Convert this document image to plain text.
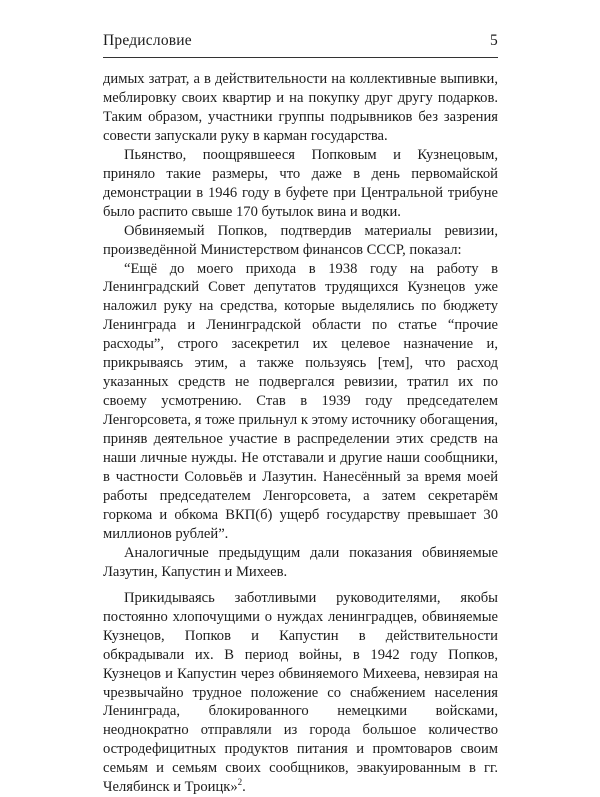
Предисловие	5

димых затрат, а в действительности на коллективные выпивки, меблировку своих квартир и на покупку друг другу подарков. Таким образом, участники группы подрывников без зазрения совести запускали руку в карман государства.

Пьянство, поощрявшееся Попковым и Кузнецовым, приняло такие размеры, что даже в день первомайской демонстрации в 1946 году в буфете при Центральной трибуне было распито свыше 170 бутылок вина и водки.

Обвиняемый Попков, подтвердив материалы ревизии, произведённой Министерством финансов СССР, показал:

“Ещё до моего прихода в 1938 году на работу в Ленинградский Совет депутатов трудящихся Кузнецов уже наложил руку на средства, которые выделялись по бюджету Ленинграда и Ленинградской области по статье “прочие расходы”, строго засекретил их целевое назначение и, прикрываясь этим, а также пользуясь [тем], что расход указанных средств не подвергался ревизии, тратил их по своему усмотрению. Став в 1939 году председателем Ленгорсовета, я тоже прильнул к этому источнику обогащения, приняв деятельное участие в распределении этих средств на наши личные нужды. Не отставали и другие наши сообщники, в частности Соловьёв и Лазутин. Нанесённый за время моей работы председателем Ленгорсовета, а затем секретарём горкома и обкома ВКП(б) ущерб государству превышает 30 миллионов рублей”.

Аналогичные предыдущим дали показания обвиняемые Лазутин, Капустин и Михеев.

Прикидываясь заботливыми руководителями, якобы постоянно хлопочущими о нуждах ленинградцев, обвиняемые Кузнецов, Попков и Капустин в действительности обкрадывали их. В период войны, в 1942 году Попков, Кузнецов и Капустин через обвиняемого Михеева, невзирая на чрезвычайно трудное положение со снабжением населения Ленинграда, блокированного немецкими войсками, неоднократно отправляли из города большое количество остродефицитных продуктов питания и промтоваров своим семьям и семьям своих сообщников, эвакуированным в гг. Челябинск и Троицк»$^2$.
